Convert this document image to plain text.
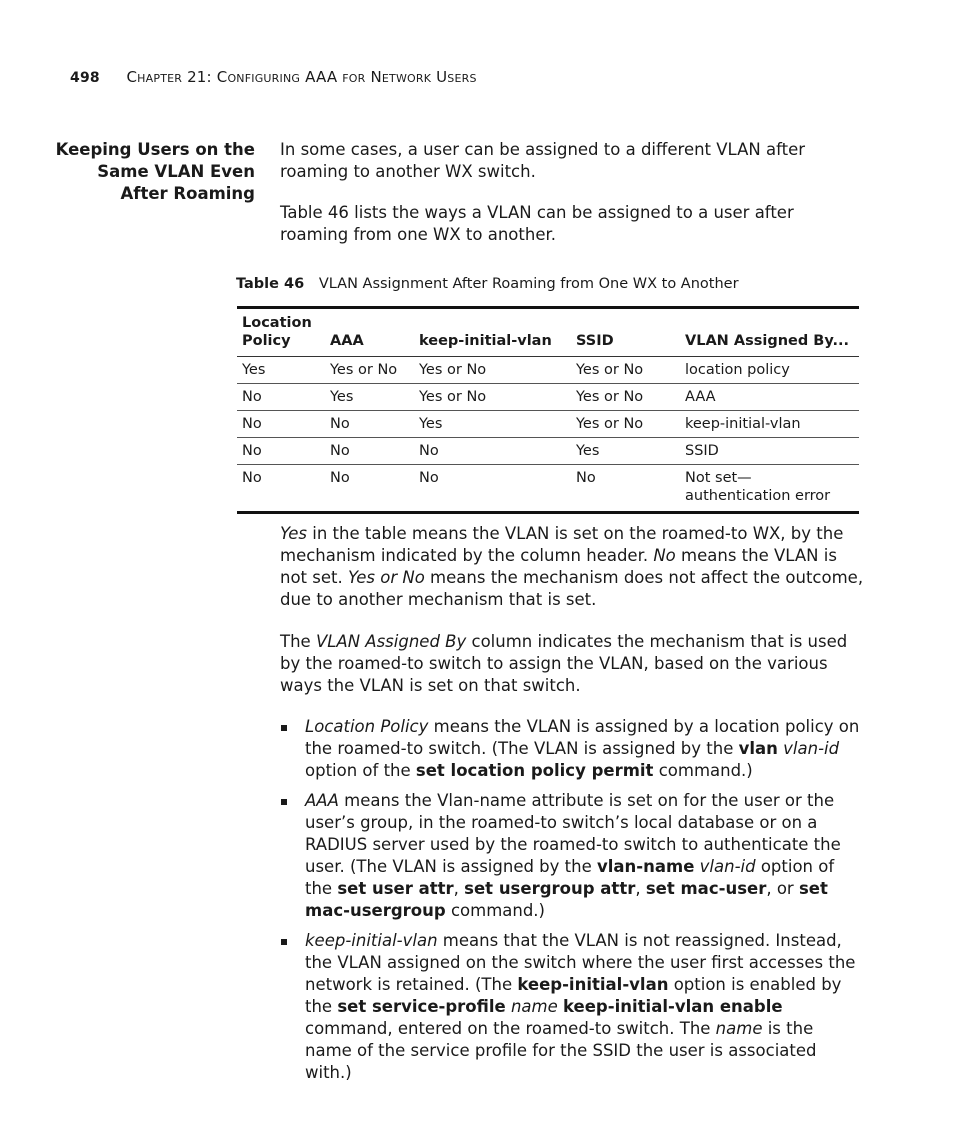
498 Chapter 21: Configuring AAA for Network Users
Keeping Users on the
Same VLAN Even
After Roaming

In some cases, a user can be assigned to a different VLAN after roaming to another WX switch.

Table 46 lists the ways a VLAN can be assigned to a user after roaming from one WX to another.

Table 46 VLAN Assignment After Roaming from One WX to Another
Location
Policy	AAA	keep-initial-vlan	SSID	VLAN Assigned By...
Yes	Yes or No	Yes or No	Yes or No	location policy
No	Yes	Yes or No	Yes or No	AAA
No	No	Yes	Yes or No	keep-initial-vlan
No	No	No	Yes	SSID
No	No	No	No	Not set—authentication error

Yes in the table means the VLAN is set on the roamed-to WX, by the mechanism indicated by the column header. No means the VLAN is not set. Yes or No means the mechanism does not affect the outcome, due to another mechanism that is set.

The VLAN Assigned By column indicates the mechanism that is used by the roamed-to switch to assign the VLAN, based on the various ways the VLAN is set on that switch.

Location Policy means the VLAN is assigned by a location policy on the roamed-to switch. (The VLAN is assigned by the vlan vlan-id option of the set location policy permit command.)
AAA means the Vlan-name attribute is set on for the user or the user’s group, in the roamed-to switch’s local database or on a RADIUS server used by the roamed-to switch to authenticate the user. (The VLAN is assigned by the vlan-name vlan-id option of the set user attr, set usergroup attr, set mac-user, or set mac-usergroup command.)
keep-initial-vlan means that the VLAN is not reassigned. Instead, the VLAN assigned on the switch where the user first accesses the network is retained. (The keep-initial-vlan option is enabled by the set service-profile name keep-initial-vlan enable command, entered on the roamed-to switch. The name is the name of the service profile for the SSID the user is associated with.)
